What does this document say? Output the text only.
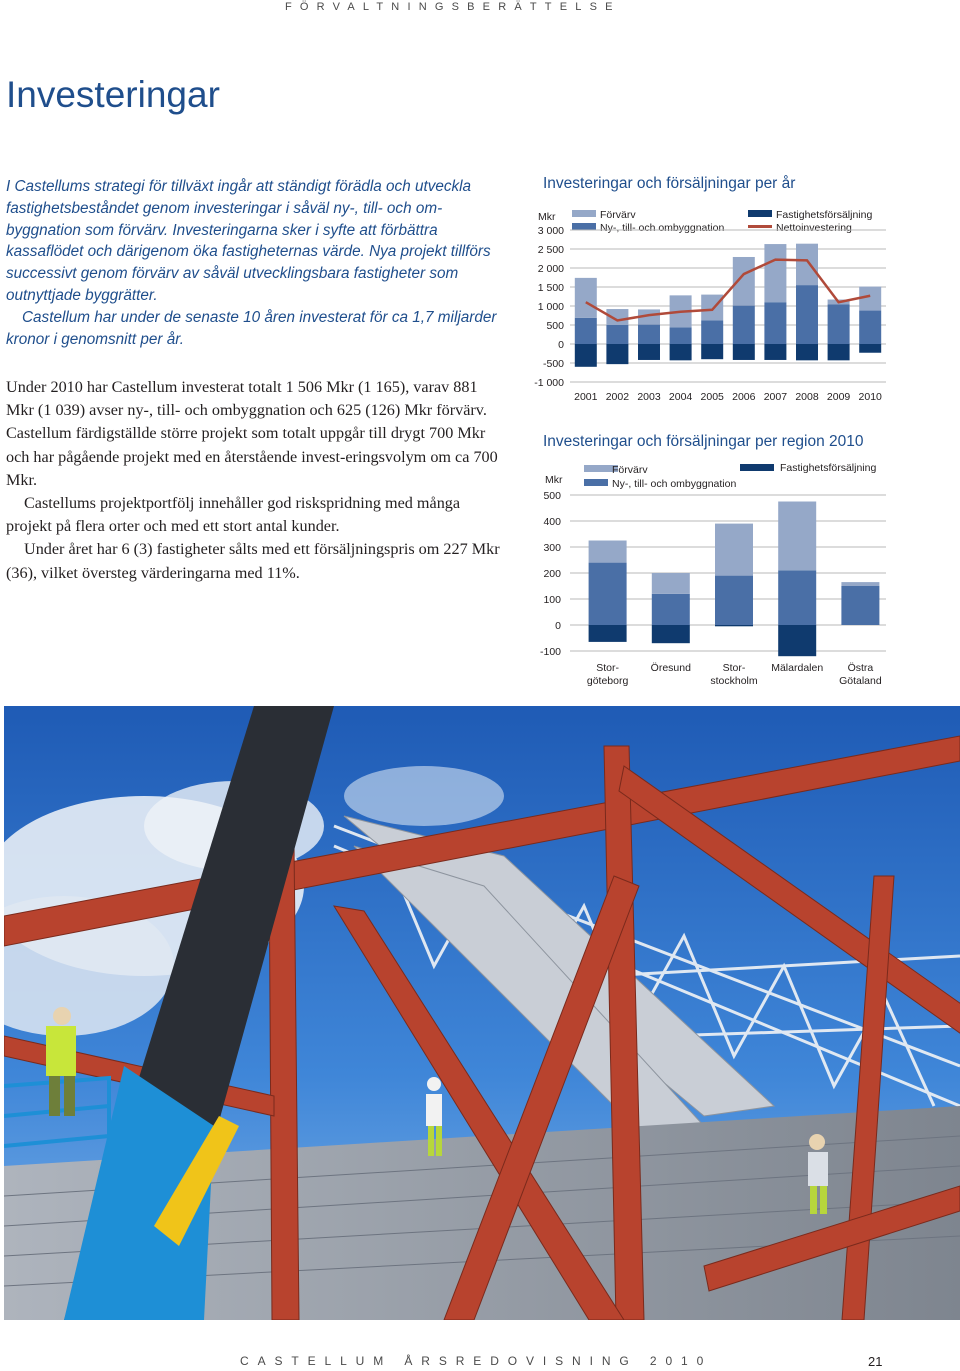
FÖRVALTNINGSBERÄTTELSE
Investeringar

I Castellums strategi för tillväxt ingår att ständigt förädla och utveckla fastighetsbeståndet genom investeringar i såväl ny-, till- och om-byggnation som förvärv. Investeringarna sker i syfte att förbättra kassaflödet och därigenom öka fastigheternas värde. Nya projekt tillförs successivt genom förvärv av såväl utvecklingsbara fastigheter som outnyttjade byggrätter.

Castellum har under de senaste 10 åren investerat för ca 1,7 miljarder kronor i genomsnitt per år.

Under 2010 har Castellum investerat totalt 1 506 Mkr (1 165), varav 881 Mkr (1 039) avser ny-, till- och ombyggnation och 625 (126) Mkr förvärv. Castellum färdigställde större projekt som totalt uppgår till drygt 700 Mkr och har pågående projekt med en återstående invest-eringsvolym om ca 700 Mkr.

Castellums projektportfölj innehåller god riskspridning med många projekt på flera orter och med ett stort antal kunder.

Under året har 6 (3) fastigheter sålts med ett försäljningspris om 227 Mkr (36), vilket översteg värderingarna med 11%.

Investeringar och försäljningar per år
Förvärv
Ny-, till- och ombyggnation
Fastighetsförsäljning
Nettoinvestering
Mkr
3 000
2 500
2 000
1 500
1 000
500
0
-500
-1 000
2001 2002 2003 2004 2005 2006 2007 2008 2009 2010
Investeringar och försäljningar per region 2010
Förvärv
Ny-, till- och ombyggnation
Fastighetsförsäljning
Mkr
500
400
300
200
100
0
-100
Stor-
göteborg
Öresund	Stor-
stockholm
Mälardalen Östra
Götaland
CASTELLUM ÅRSREDOVISNING 2010	21
